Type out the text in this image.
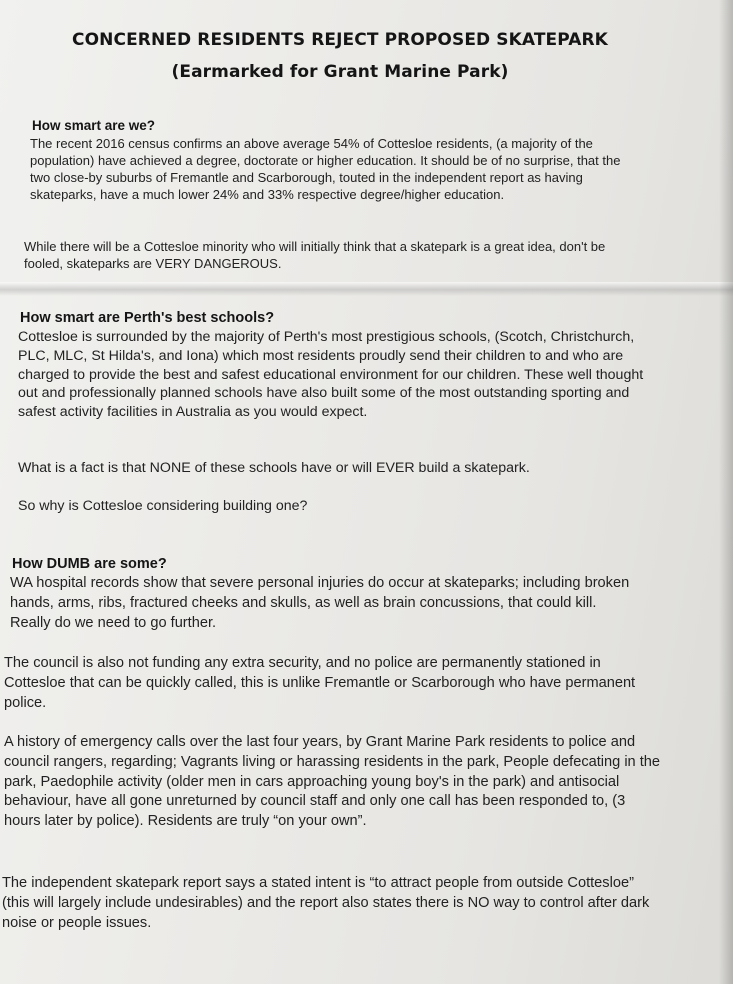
CONCERNED RESIDENTS REJECT PROPOSED SKATEPARK
(Earmarked for Grant Marine Park)
How smart are we?

The recent 2016 census confirms an above average 54% of Cottesloe residents, (a majority of the population) have achieved a degree, doctorate or higher education. It should be of no surprise, that the two close-by suburbs of Fremantle and Scarborough, touted in the independent report as having skateparks, have a much lower 24% and 33% respective degree/higher education.

While there will be a Cottesloe minority who will initially think that a skatepark is a great idea, don't be fooled, skateparks are VERY DANGEROUS.

How smart are Perth's best schools?

Cottesloe is surrounded by the majority of Perth's most prestigious schools, (Scotch, Christchurch, PLC, MLC, St Hilda's, and Iona) which most residents proudly send their children to and who are charged to provide the best and safest educational environment for our children. These well thought out and professionally planned schools have also built some of the most outstanding sporting and safest activity facilities in Australia as you would expect.

What is a fact is that NONE of these schools have or will EVER build a skatepark.

So why is Cottesloe considering building one?

How DUMB are some?

WA hospital records show that severe personal injuries do occur at skateparks; including broken hands, arms, ribs, fractured cheeks and skulls, as well as brain concussions, that could kill. Really do we need to go further.

The council is also not funding any extra security, and no police are permanently stationed in Cottesloe that can be quickly called, this is unlike Fremantle or Scarborough who have permanent police.

A history of emergency calls over the last four years, by Grant Marine Park residents to police and council rangers, regarding; Vagrants living or harassing residents in the park, People defecating in the park, Paedophile activity (older men in cars approaching young boy's in the park) and antisocial behaviour, have all gone unreturned by council staff and only one call has been responded to, (3 hours later by police). Residents are truly “on your own”.

The independent skatepark report says a stated intent is “to attract people from outside Cottesloe” (this will largely include undesirables) and the report also states there is NO way to control after dark noise or people issues.
